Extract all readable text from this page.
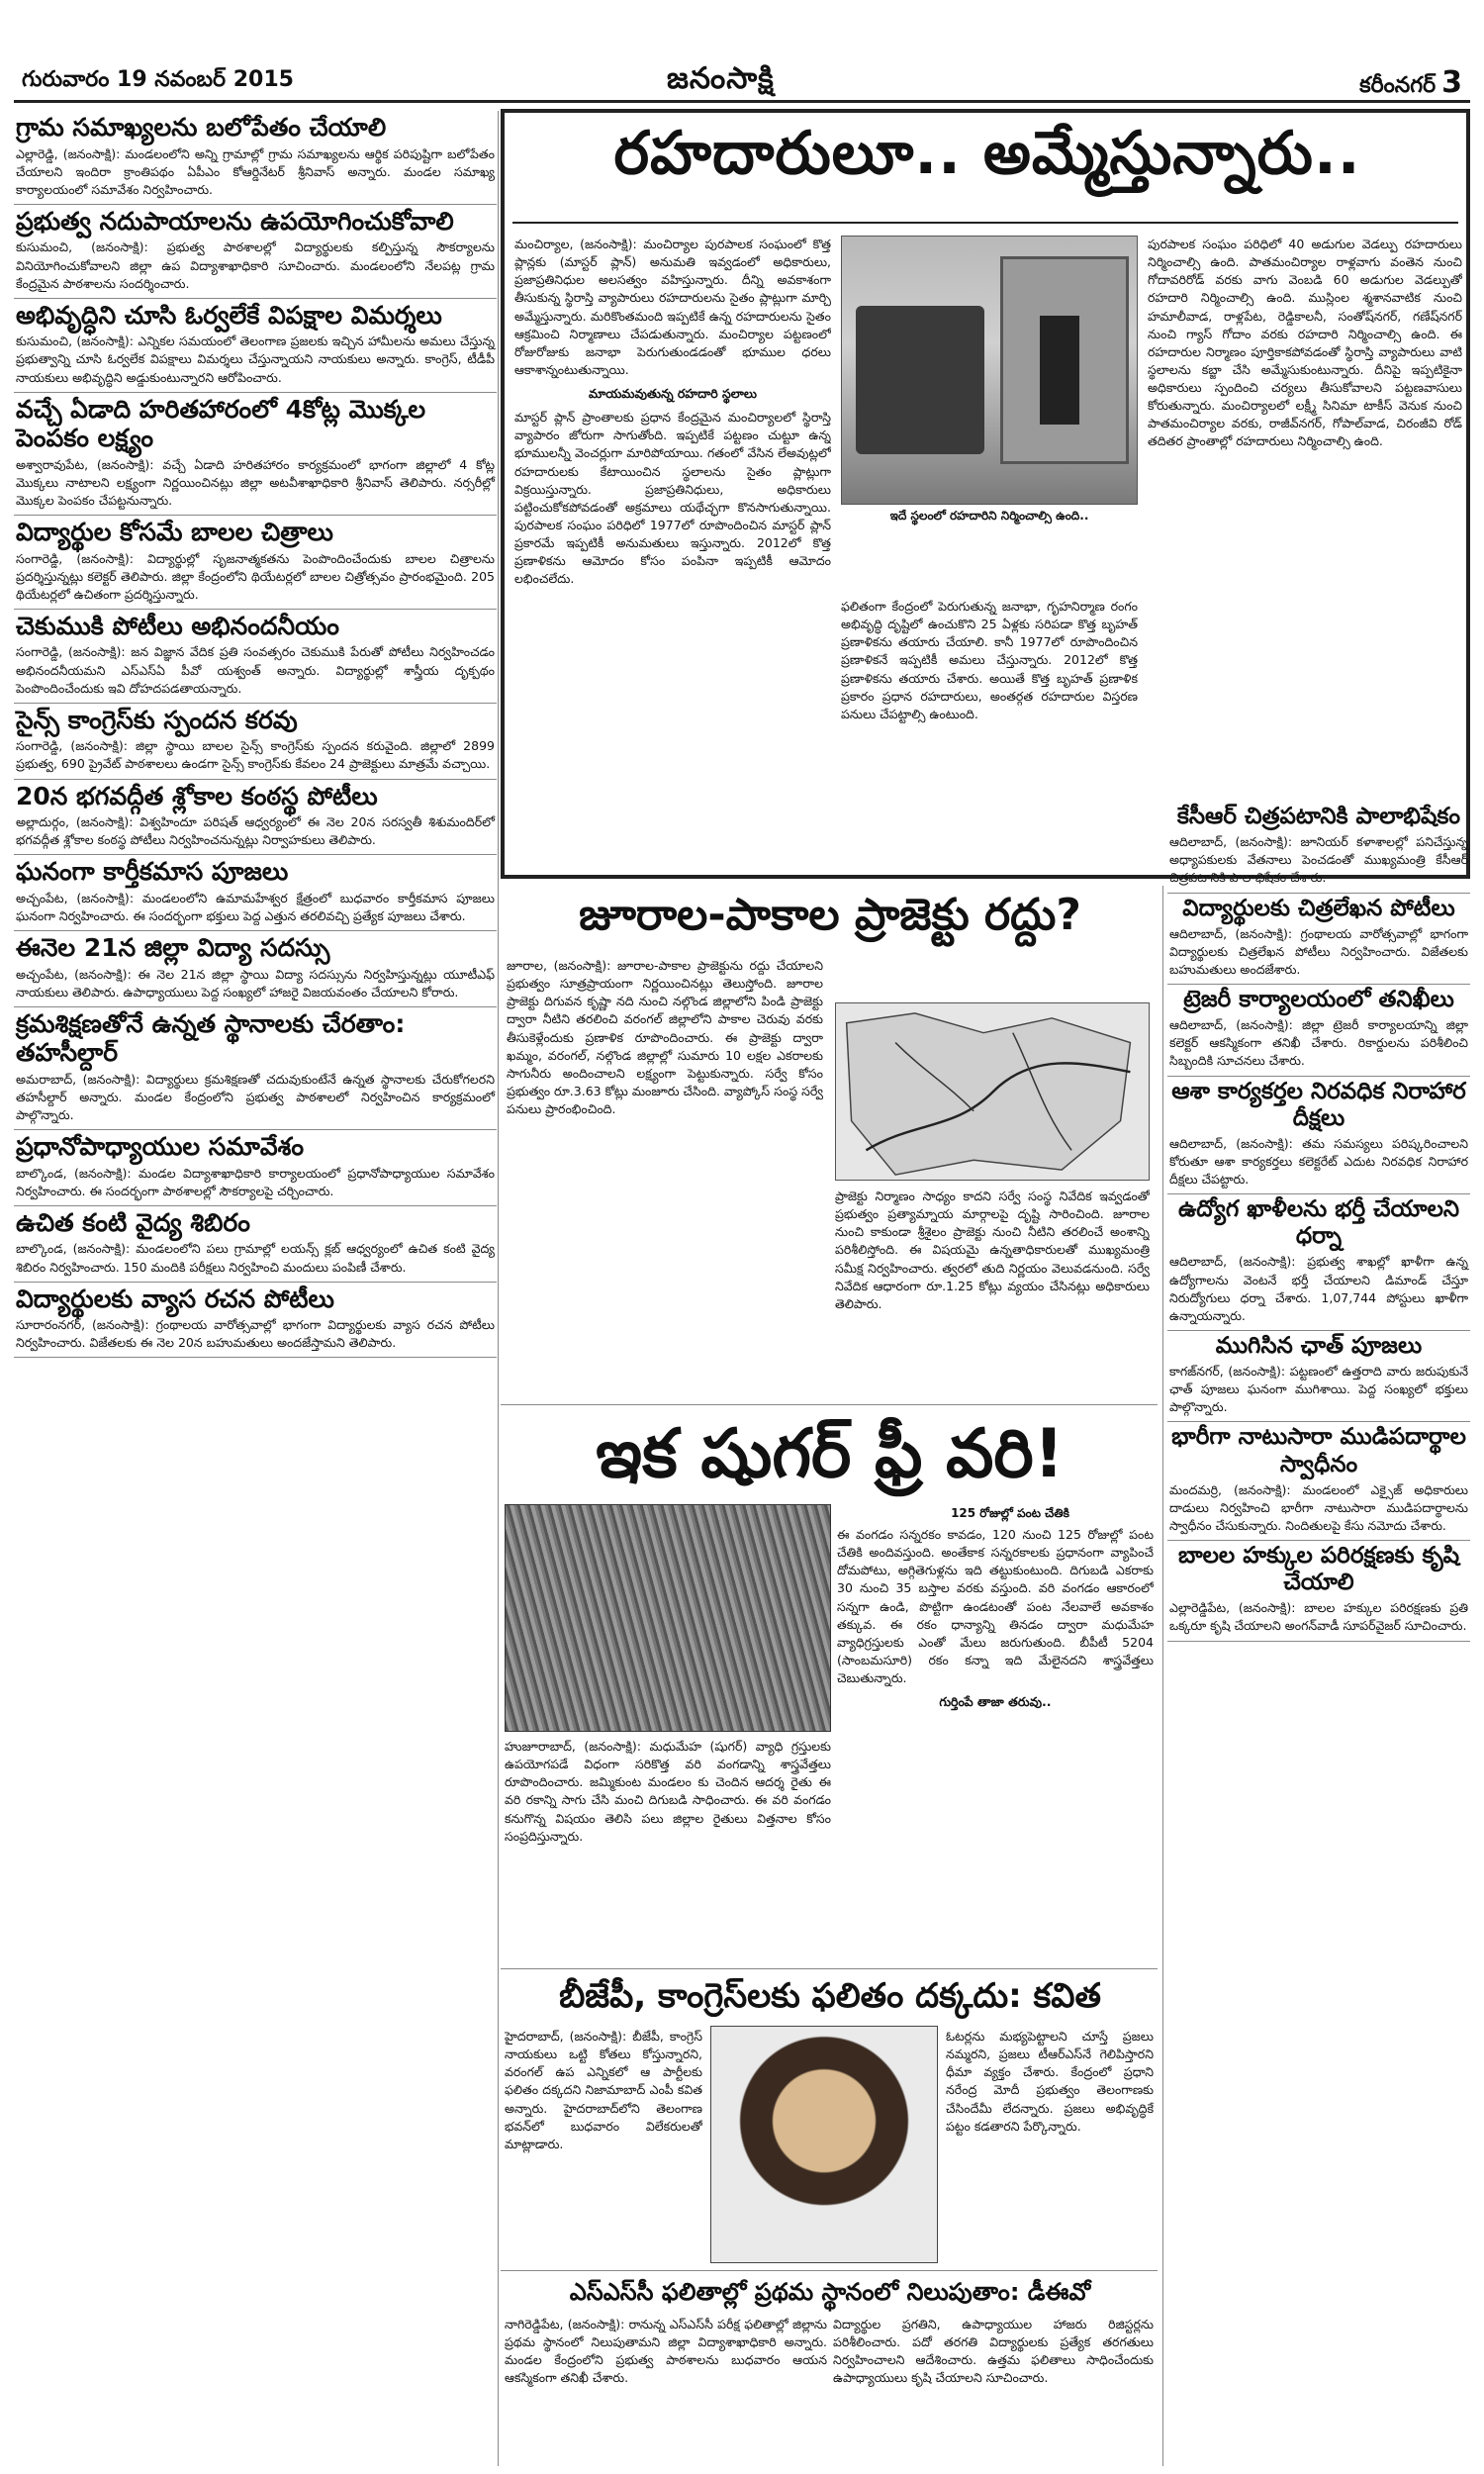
గురువారం 19 నవంబర్ 2015	జనంసాక్షి	కరీంనగర్ 3
గ్రామ సమాఖ్యలను బలోపేతం చేయాలి

ఎల్లారెడ్డి, (జనంసాక్షి): మండలంలోని అన్ని గ్రామాల్లో గ్రామ సమాఖ్యలను ఆర్థిక పరిపుష్టిగా బలోపేతం చేయాలని ఇందిరా క్రాంతిపథం ఏపీఎం కోఆర్డినేటర్ శ్రీనివాస్ అన్నారు. మండల సమాఖ్య కార్యాలయంలో సమావేశం నిర్వహించారు.

ప్రభుత్వ నదుపాయాలను ఉపయోగించుకోవాలి

కుసుమంచి, (జనంసాక్షి): ప్రభుత్వ పాఠశాలల్లో విద్యార్థులకు కల్పిస్తున్న సౌకర్యాలను వినియోగించుకోవాలని జిల్లా ఉప విద్యాశాఖాధికారి సూచించారు. మండలంలోని నేలపట్ల గ్రామ కేంద్రమైన పాఠశాలను సందర్శించారు.

అభివృద్ధిని చూసి ఓర్వలేకే విపక్షాల విమర్శలు

కుసుమంచి, (జనంసాక్షి): ఎన్నికల సమయంలో తెలంగాణ ప్రజలకు ఇచ్చిన హామీలను అమలు చేస్తున్న ప్రభుత్వాన్ని చూసి ఓర్వలేక విపక్షాలు విమర్శలు చేస్తున్నాయని నాయకులు అన్నారు. కాంగ్రెస్, టీడీపీ నాయకులు అభివృద్ధిని అడ్డుకుంటున్నారని ఆరోపించారు.

వచ్చే ఏడాది హరితహారంలో 4కోట్ల మొక్కల పెంపకం లక్ష్యం

అశ్వారావుపేట, (జనంసాక్షి): వచ్చే ఏడాది హరితహారం కార్యక్రమంలో భాగంగా జిల్లాలో 4 కోట్ల మొక్కలు నాటాలని లక్ష్యంగా నిర్ణయించినట్లు జిల్లా అటవీశాఖాధికారి శ్రీనివాస్ తెలిపారు. నర్సరీల్లో మొక్కల పెంపకం చేపట్టనున్నారు.

విద్యార్థుల కోసమే బాలల చిత్రాలు

సంగారెడ్డి, (జనంసాక్షి): విద్యార్థుల్లో సృజనాత్మకతను పెంపొందించేందుకు బాలల చిత్రాలను ప్రదర్శిస్తున్నట్లు కలెక్టర్ తెలిపారు. జిల్లా కేంద్రంలోని థియేటర్లలో బాలల చిత్రోత్సవం ప్రారంభమైంది. 205 థియేటర్లలో ఉచితంగా ప్రదర్శిస్తున్నారు.

చెకుముకి పోటీలు అభినందనీయం

సంగారెడ్డి, (జనంసాక్షి): జన విజ్ఞాన వేదిక ప్రతి సంవత్సరం చెకుముకి పేరుతో పోటీలు నిర్వహించడం అభినందనీయమని ఎస్ఎస్ఏ పీవో యశ్వంత్ అన్నారు. విద్యార్థుల్లో శాస్త్రీయ దృక్పథం పెంపొందించేందుకు ఇవి దోహదపడతాయన్నారు.

సైన్స్ కాంగ్రెస్‌కు స్పందన కరవు

సంగారెడ్డి, (జనంసాక్షి): జిల్లా స్థాయి బాలల సైన్స్ కాంగ్రెస్‌కు స్పందన కరువైంది. జిల్లాలో 2899 ప్రభుత్వ, 690 ప్రైవేట్ పాఠశాలలు ఉండగా సైన్స్ కాంగ్రెస్‌కు కేవలం 24 ప్రాజెక్టులు మాత్రమే వచ్చాయి.

20న భగవద్గీత శ్లోకాల కంఠస్థ పోటీలు

అల్లాదుర్గం, (జనంసాక్షి): విశ్వహిందూ పరిషత్ ఆధ్వర్యంలో ఈ నెల 20న సరస్వతీ శిశుమందిర్‌లో భగవద్గీత శ్లోకాల కంఠస్థ పోటీలు నిర్వహించనున్నట్లు నిర్వాహకులు తెలిపారు.

ఘనంగా కార్తీకమాస పూజలు

అచ్చంపేట, (జనంసాక్షి): మండలంలోని ఉమామహేశ్వర క్షేత్రంలో బుధవారం కార్తీకమాస పూజలు ఘనంగా నిర్వహించారు. ఈ సందర్భంగా భక్తులు పెద్ద ఎత్తున తరలివచ్చి ప్రత్యేక పూజలు చేశారు.

ఈనెల 21న జిల్లా విద్యా సదస్సు

అచ్చంపేట, (జనంసాక్షి): ఈ నెల 21న జిల్లా స్థాయి విద్యా సదస్సును నిర్వహిస్తున్నట్లు యూటీఎఫ్ నాయకులు తెలిపారు. ఉపాధ్యాయులు పెద్ద సంఖ్యలో హాజరై విజయవంతం చేయాలని కోరారు.

క్రమశిక్షణతోనే ఉన్నత స్థానాలకు చేరతాం: తహసీల్దార్

అమరాబాద్, (జనంసాక్షి): విద్యార్థులు క్రమశిక్షణతో చదువుకుంటేనే ఉన్నత స్థానాలకు చేరుకోగలరని తహసీల్దార్ అన్నారు. మండల కేంద్రంలోని ప్రభుత్వ పాఠశాలలో నిర్వహించిన కార్యక్రమంలో పాల్గొన్నారు.

ప్రధానోపాధ్యాయుల సమావేశం

బాల్కొండ, (జనంసాక్షి): మండల విద్యాశాఖాధికారి కార్యాలయంలో ప్రధానోపాధ్యాయుల సమావేశం నిర్వహించారు. ఈ సందర్భంగా పాఠశాలల్లో సౌకర్యాలపై చర్చించారు.

ఉచిత కంటి వైద్య శిబిరం

బాల్కొండ, (జనంసాక్షి): మండలంలోని పలు గ్రామాల్లో లయన్స్ క్లబ్ ఆధ్వర్యంలో ఉచిత కంటి వైద్య శిబిరం నిర్వహించారు. 150 మందికి పరీక్షలు నిర్వహించి మందులు పంపిణీ చేశారు.

విద్యార్థులకు వ్యాస రచన పోటీలు

సూరారంనగర్, (జనంసాక్షి): గ్రంథాలయ వారోత్సవాల్లో భాగంగా విద్యార్థులకు వ్యాస రచన పోటీలు నిర్వహించారు. విజేతలకు ఈ నెల 20న బహుమతులు అందజేస్తామని తెలిపారు.

రహదారులూ.. అమ్మేస్తున్నారు..
మంచిర్యాల, (జనంసాక్షి): మంచిర్యాల పురపాలక సంఘంలో కొత్త ప్లాన్లకు (మాస్టర్ ప్లాన్) అనుమతి ఇవ్వడంలో అధికారులు, ప్రజాప్రతినిధుల అలసత్వం వహిస్తున్నారు. దీన్ని అవకాశంగా తీసుకున్న స్థిరాస్తి వ్యాపారులు రహదారులను సైతం ప్లాట్లుగా మార్చి అమ్మేస్తున్నారు. మరికొంతమంది ఇప్పటికే ఉన్న రహదారులను సైతం ఆక్రమించి నిర్మాణాలు చేపడుతున్నారు. మంచిర్యాల పట్టణంలో రోజురోజుకు జనాభా పెరుగుతుండడంతో భూముల ధరలు ఆకాశాన్నంటుతున్నాయి.
మాయమవుతున్న రహదారి స్థలాలు
మాస్టర్ ప్లాన్ ప్రాంతాలకు ప్రధాన కేంద్రమైన మంచిర్యాలలో స్థిరాస్తి వ్యాపారం జోరుగా సాగుతోంది. ఇప్పటికే పట్టణం చుట్టూ ఉన్న భూములన్నీ వెంచర్లుగా మారిపోయాయి. గతంలో వేసిన లేఅవుట్లలో రహదారులకు కేటాయించిన స్థలాలను సైతం ప్లాట్లుగా విక్రయిస్తున్నారు. ప్రజాప్రతినిధులు, అధికారులు పట్టించుకోకపోవడంతో అక్రమాలు యథేచ్ఛగా కొనసాగుతున్నాయి. పురపాలక సంఘం పరిధిలో 1977లో రూపొందించిన మాస్టర్ ప్లాన్ ప్రకారమే ఇప్పటికీ అనుమతులు ఇస్తున్నారు. 2012లో కొత్త ప్రణాళికను ఆమోదం కోసం పంపినా ఇప్పటికీ ఆమోదం లభించలేదు.
ఇదే స్థలంలో రహదారిని నిర్మించాల్సి ఉంది..
ఫలితంగా కేంద్రంలో పెరుగుతున్న జనాభా, గృహనిర్మాణ రంగం అభివృద్ధి దృష్టిలో ఉంచుకొని 25 ఏళ్లకు సరిపడా కొత్త బృహత్ ప్రణాళికను తయారు చేయాలి. కానీ 1977లో రూపొందించిన ప్రణాళికనే ఇప్పటికీ అమలు చేస్తున్నారు. 2012లో కొత్త ప్రణాళికను తయారు చేశారు. అయితే కొత్త బృహత్ ప్రణాళిక ప్రకారం ప్రధాన రహదారులు, అంతర్గత రహదారుల విస్తరణ పనులు చేపట్టాల్సి ఉంటుంది.
పురపాలక సంఘం పరిధిలో 40 అడుగుల వెడల్పు రహదారులు నిర్మించాల్సి ఉంది. పాతమంచిర్యాల రాళ్లవాగు వంతెన నుంచి గోదావరిరోడ్ వరకు వాగు వెంబడి 60 అడుగుల వెడల్పుతో రహదారి నిర్మించాల్సి ఉంది. ముస్లింల శ్మశానవాటిక నుంచి హమాలీవాడ, రాళ్లపేట, రెడ్డికాలనీ, సంతోష్‌నగర్, గణేష్‌నగర్ నుంచి గ్యాస్ గోదాం వరకు రహదారి నిర్మించాల్సి ఉంది. ఈ రహదారుల నిర్మాణం పూర్తికాకపోవడంతో స్థిరాస్తి వ్యాపారులు వాటి స్థలాలను కబ్జా చేసి అమ్మేసుకుంటున్నారు. దీనిపై ఇప్పటికైనా అధికారులు స్పందించి చర్యలు తీసుకోవాలని పట్టణవాసులు కోరుతున్నారు. మంచిర్యాలలో లక్ష్మీ సినిమా టాకీస్ వెనుక నుంచి పాతమంచిర్యాల వరకు, రాజీవ్‌నగర్, గోపాల్‌వాడ, చిరంజీవి రోడ్ తదితర ప్రాంతాల్లో రహదారులు నిర్మించాల్సి ఉంది.
జూరాల-పాకాల ప్రాజెక్టు రద్దు?
జూరాల, (జనంసాక్షి): జూరాల-పాకాల ప్రాజెక్టును రద్దు చేయాలని ప్రభుత్వం సూత్రప్రాయంగా నిర్ణయించినట్లు తెలుస్తోంది. జూరాల ప్రాజెక్టు దిగువన కృష్ణా నది నుంచి నల్గొండ జిల్లాలోని పిండి ప్రాజెక్టు ద్వారా నీటిని తరలించి వరంగల్ జిల్లాలోని పాకాల చెరువు వరకు తీసుకెళ్లేందుకు ప్రణాళిక రూపొందించారు. ఈ ప్రాజెక్టు ద్వారా ఖమ్మం, వరంగల్, నల్గొండ జిల్లాల్లో సుమారు 10 లక్షల ఎకరాలకు సాగునీరు అందించాలని లక్ష్యంగా పెట్టుకున్నారు. సర్వే కోసం ప్రభుత్వం రూ.3.63 కోట్లు మంజూరు చేసింది. వ్యాప్కోస్ సంస్థ సర్వే పనులు ప్రారంభించింది.
ప్రాజెక్టు నిర్మాణం సాధ్యం కాదని సర్వే సంస్థ నివేదిక ఇవ్వడంతో ప్రభుత్వం ప్రత్యామ్నాయ మార్గాలపై దృష్టి సారించింది. జూరాల నుంచి కాకుండా శ్రీశైలం ప్రాజెక్టు నుంచి నీటిని తరలించే అంశాన్ని పరిశీలిస్తోంది. ఈ విషయమై ఉన్నతాధికారులతో ముఖ్యమంత్రి సమీక్ష నిర్వహించారు. త్వరలో తుది నిర్ణయం వెలువడనుంది. సర్వే నివేదిక ఆధారంగా రూ.1.25 కోట్లు వ్యయం చేసినట్లు అధికారులు తెలిపారు.
ఇక షుగర్ ఫ్రీ వరి!
125 రోజుల్లో పంట చేతికి
ఈ వంగడం సన్నరకం కావడం, 120 నుంచి 125 రోజుల్లో పంట చేతికి అందివస్తుంది. అంతేకాక సన్నరకాలకు ప్రధానంగా వ్యాపించే దోమపోటు, అగ్గితెగుళ్లను ఇది తట్టుకుంటుంది. దిగుబడి ఎకరాకు 30 నుంచి 35 బస్తాల వరకు వస్తుంది. వరి వంగడం ఆకారంలో సన్నగా ఉండి, పొట్టిగా ఉండటంతో పంట నేలవాలే అవకాశం తక్కువ. ఈ రకం ధాన్యాన్ని తినడం ద్వారా మధుమేహ వ్యాధిగ్రస్తులకు ఎంతో మేలు జరుగుతుంది. బీపీటీ 5204 (సాంబమసూరి) రకం కన్నా ఇది మేలైనదని శాస్త్రవేత్తలు చెబుతున్నారు.
గుర్తింపే తాజా తరువు..
హుజూరాబాద్, (జనంసాక్షి): మధుమేహ (షుగర్) వ్యాధి గ్రస్తులకు ఉపయోగపడే విధంగా సరికొత్త వరి వంగడాన్ని శాస్త్రవేత్తలు రూపొందించారు. జమ్మికుంట మండలం కు చెందిన ఆదర్శ రైతు ఈ వరి రకాన్ని సాగు చేసి మంచి దిగుబడి సాధించారు. ఈ వరి వంగడం కనుగొన్న విషయం తెలిసి పలు జిల్లాల రైతులు విత్తనాల కోసం సంప్రదిస్తున్నారు.
బీజేపీ, కాంగ్రెస్‌లకు ఫలితం దక్కదు: కవిత
హైదరాబాద్, (జనంసాక్షి): బీజేపీ, కాంగ్రెస్ నాయకులు ఒట్టి కోతలు కోస్తున్నారని, వరంగల్ ఉప ఎన్నికలో ఆ పార్టీలకు ఫలితం దక్కదని నిజామాబాద్ ఎంపీ కవిత అన్నారు. హైదరాబాద్‌లోని తెలంగాణ భవన్‌లో బుధవారం విలేకరులతో మాట్లాడారు.
ఓటర్లను మభ్యపెట్టాలని చూస్తే ప్రజలు నమ్మరని, ప్రజలు టీఆర్ఎస్‌నే గెలిపిస్తారని ధీమా వ్యక్తం చేశారు. కేంద్రంలో ప్రధాని నరేంద్ర మోదీ ప్రభుత్వం తెలంగాణకు చేసిందేమీ లేదన్నారు. ప్రజలు అభివృద్ధికే పట్టం కడతారని పేర్కొన్నారు.
ఎస్ఎస్‌సీ ఫలితాల్లో ప్రథమ స్థానంలో నిలుపుతాం: డీఈవో
నాగిరెడ్డిపేట, (జనంసాక్షి): రానున్న ఎస్ఎస్‌సీ పరీక్ష ఫలితాల్లో జిల్లాను ప్రథమ స్థానంలో నిలుపుతామని జిల్లా విద్యాశాఖాధికారి అన్నారు. మండల కేంద్రంలోని ప్రభుత్వ పాఠశాలను బుధవారం ఆయన ఆకస్మికంగా తనిఖీ చేశారు.
విద్యార్థుల ప్రగతిని, ఉపాధ్యాయుల హాజరు రిజిస్టర్లను పరిశీలించారు. పదో తరగతి విద్యార్థులకు ప్రత్యేక తరగతులు నిర్వహించాలని ఆదేశించారు. ఉత్తమ ఫలితాలు సాధించేందుకు ఉపాధ్యాయులు కృషి చేయాలని సూచించారు.
కేసీఆర్ చిత్రపటానికి పాలాభిషేకం

ఆదిలాబాద్, (జనంసాక్షి): జూనియర్ కళాశాలల్లో పనిచేస్తున్న అధ్యాపకులకు వేతనాలు పెంచడంతో ముఖ్యమంత్రి కేసీఆర్ చిత్రపటానికి పాలాభిషేకం చేశారు.

విద్యార్థులకు చిత్రలేఖన పోటీలు

ఆదిలాబాద్, (జనంసాక్షి): గ్రంథాలయ వారోత్సవాల్లో భాగంగా విద్యార్థులకు చిత్రలేఖన పోటీలు నిర్వహించారు. విజేతలకు బహుమతులు అందజేశారు.

ట్రెజరీ కార్యాలయంలో తనిఖీలు

ఆదిలాబాద్, (జనంసాక్షి): జిల్లా ట్రెజరీ కార్యాలయాన్ని జిల్లా కలెక్టర్ ఆకస్మికంగా తనిఖీ చేశారు. రికార్డులను పరిశీలించి సిబ్బందికి సూచనలు చేశారు.

ఆశా కార్యకర్తల నిరవధిక నిరాహార దీక్షలు

ఆదిలాబాద్, (జనంసాక్షి): తమ సమస్యలు పరిష్కరించాలని కోరుతూ ఆశా కార్యకర్తలు కలెక్టరేట్ ఎదుట నిరవధిక నిరాహార దీక్షలు చేపట్టారు.

ఉద్యోగ ఖాళీలను భర్తీ చేయాలని ధర్నా

ఆదిలాబాద్, (జనంసాక్షి): ప్రభుత్వ శాఖల్లో ఖాళీగా ఉన్న ఉద్యోగాలను వెంటనే భర్తీ చేయాలని డిమాండ్ చేస్తూ నిరుద్యోగులు ధర్నా చేశారు. 1,07,744 పోస్టులు ఖాళీగా ఉన్నాయన్నారు.

ముగిసిన ఛాత్ పూజలు

కాగజ్‌నగర్, (జనంసాక్షి): పట్టణంలో ఉత్తరాది వారు జరుపుకునే ఛాత్ పూజలు ఘనంగా ముగిశాయి. పెద్ద సంఖ్యలో భక్తులు పాల్గొన్నారు.

భారీగా నాటుసారా ముడిపదార్థాల స్వాధీనం

మందమర్రి, (జనంసాక్షి): మండలంలో ఎక్సైజ్ అధికారులు దాడులు నిర్వహించి భారీగా నాటుసారా ముడిపదార్థాలను స్వాధీనం చేసుకున్నారు. నిందితులపై కేసు నమోదు చేశారు.

బాలల హక్కుల పరిరక్షణకు కృషి చేయాలి

ఎల్లారెడ్డిపేట, (జనంసాక్షి): బాలల హక్కుల పరిరక్షణకు ప్రతి ఒక్కరూ కృషి చేయాలని అంగన్‌వాడీ సూపర్‌వైజర్ సూచించారు.
